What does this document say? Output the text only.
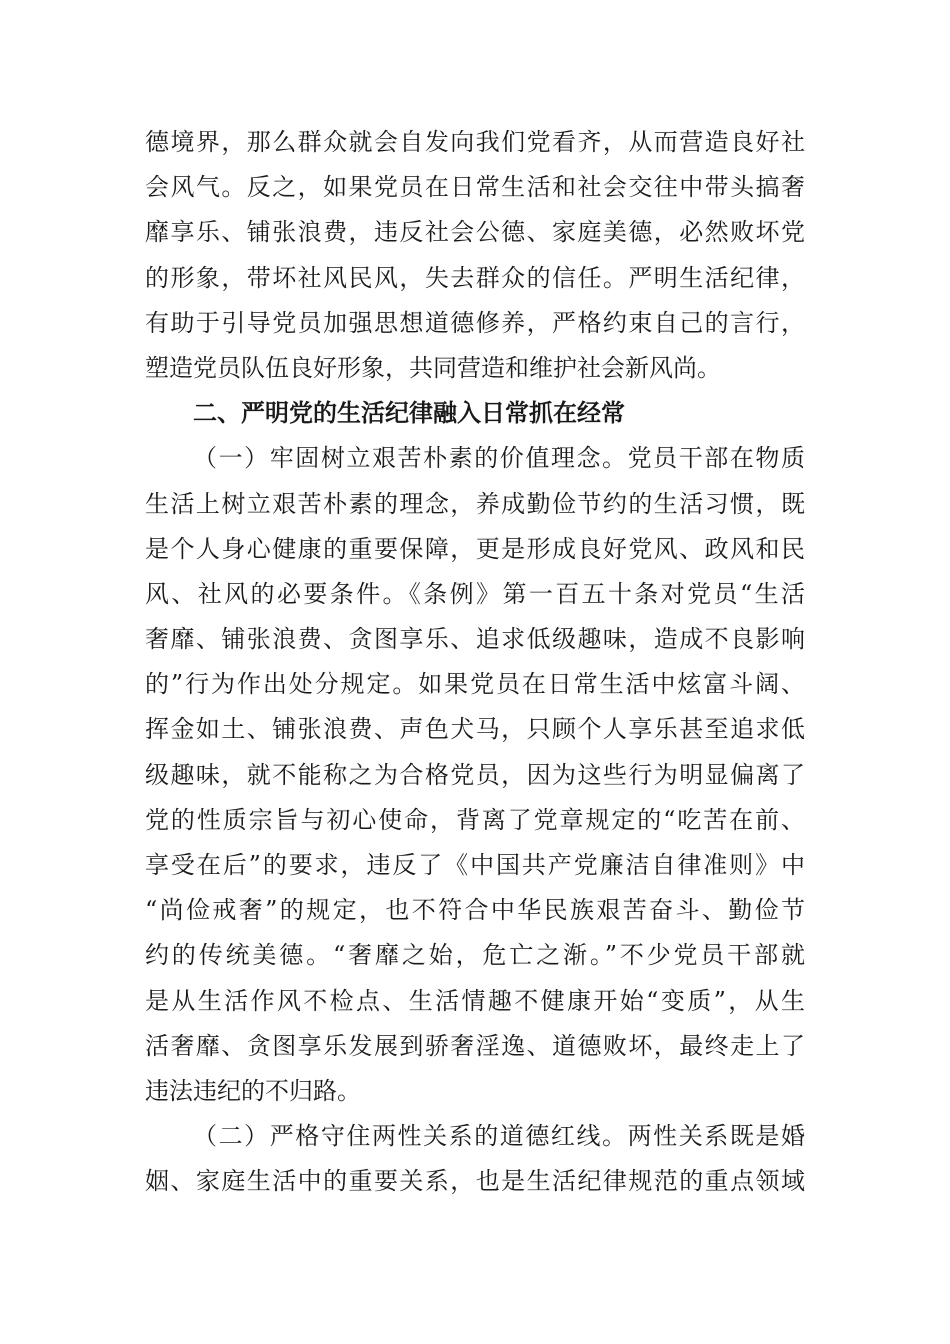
德境界，那么群众就会自发向我们党看齐，从而营造良好社
会风气。反之，如果党员在日常生活和社会交往中带头搞奢
靡享乐、铺张浪费，违反社会公德、家庭美德，必然败坏党
的形象，带坏社风民风，失去群众的信任。严明生活纪律，
有助于引导党员加强思想道德修养，严格约束自己的言行，
塑造党员队伍良好形象，共同营造和维护社会新风尚。
二、严明党的生活纪律融入日常抓在经常
（一）牢固树立艰苦朴素的价值理念。党员干部在物质
生活上树立艰苦朴素的理念，养成勤俭节约的生活习惯，既
是个人身心健康的重要保障，更是形成良好党风、政风和民
风、社风的必要条件。《条例》第一百五十条对党员“生活
奢靡、铺张浪费、贪图享乐、追求低级趣味，造成不良影响
的”行为作出处分规定。如果党员在日常生活中炫富斗阔、
挥金如土、铺张浪费、声色犬马，只顾个人享乐甚至追求低
级趣味，就不能称之为合格党员，因为这些行为明显偏离了
党的性质宗旨与初心使命，背离了党章规定的“吃苦在前、
享受在后”的要求，违反了《中国共产党廉洁自律准则》中
“尚俭戒奢”的规定，也不符合中华民族艰苦奋斗、勤俭节
约的传统美德。“奢靡之始，危亡之渐。”不少党员干部就
是从生活作风不检点、生活情趣不健康开始“变质”，从生
活奢靡、贪图享乐发展到骄奢淫逸、道德败坏，最终走上了
违法违纪的不归路。
（二）严格守住两性关系的道德红线。两性关系既是婚
姻、家庭生活中的重要关系，也是生活纪律规范的重点领域
